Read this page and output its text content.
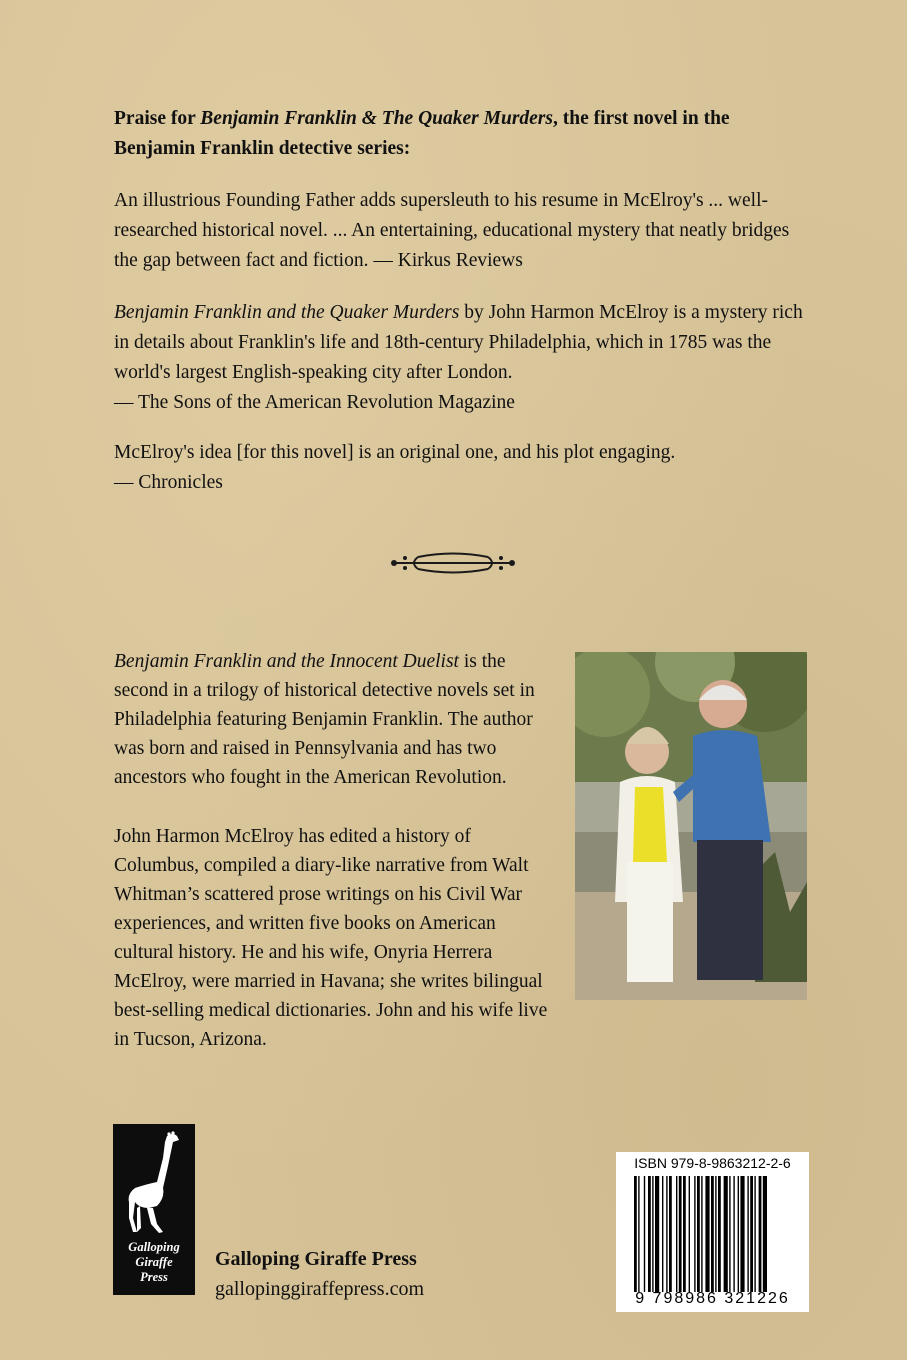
Praise for Benjamin Franklin & The Quaker Murders, the first novel in the Benjamin Franklin detective series:
An illustrious Founding Father adds supersleuth to his resume in McElroy's ... well-researched historical novel. ... An entertaining, educational mystery that neatly bridges the gap between fact and fiction. — Kirkus Reviews
Benjamin Franklin and the Quaker Murders by John Harmon McElroy is a mystery rich in details about Franklin's life and 18th-century Philadelphia, which in 1785 was the world's largest English-speaking city after London.
— The Sons of the American Revolution Magazine
McElroy's idea [for this novel] is an original one, and his plot engaging.
— Chronicles
Benjamin Franklin and the Innocent Duelist is the second in a trilogy of historical detective novels set in Philadelphia featuring Benjamin Franklin. The author was born and raised in Pennsylvania and has two ancestors who fought in the American Revolution.
John Harmon McElroy has edited a history of Columbus, compiled a diary-like narrative from Walt Whitman’s scattered prose writings on his Civil War experiences, and written five books on American cultural history. He and his wife, Onyria Herrera McElroy, were married in Havana; she writes bilingual best-selling medical dictionaries. John and his wife live in Tucson, Arizona.
Galloping
Giraffe
Press
Galloping Giraffe Press
gallopinggiraffepress.com
ISBN 979-8-9863212-2-6
9 798986 321226
